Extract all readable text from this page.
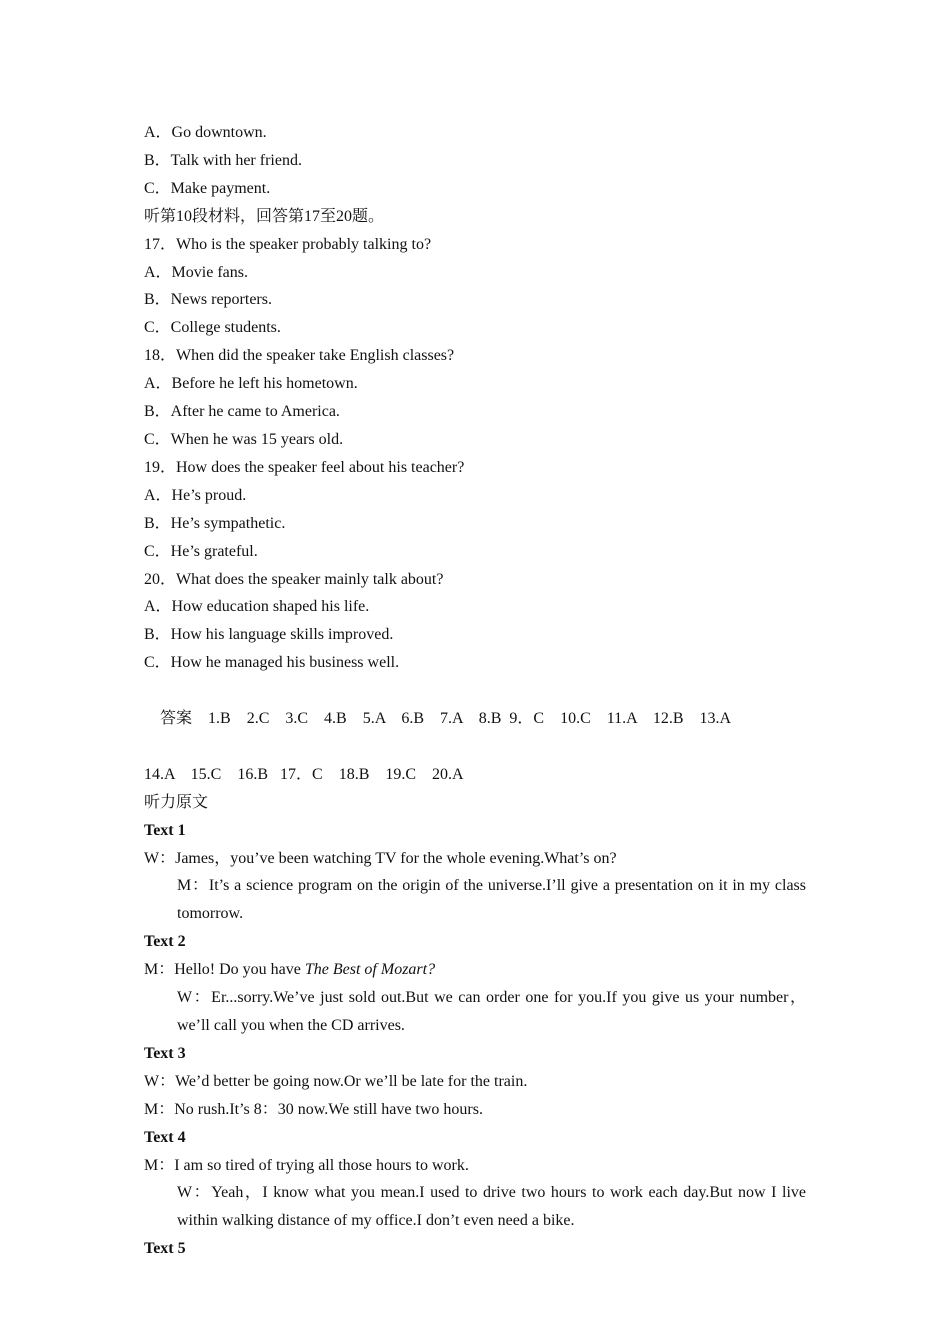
A．Go downtown.
B．Talk with her friend.
C．Make payment.
听第10段材料，回答第17至20题。
17．Who is the speaker probably talking to?
A．Movie fans.
B．News reporters.
C．College students.
18．When did the speaker take English classes?
A．Before he left his hometown.
B．After he came to America.
C．When he was 15 years old.
19．How does the speaker feel about his teacher?
A．He’s proud.
B．He’s sympathetic.
C．He’s grateful.
20．What does the speaker mainly talk about?
A．How education shaped his life.
B．How his language skills improved.
C．How he managed his business well.

答案 1.B    2.C    3.C    4.B    5.A    6.B    7.A    8.B  9．C    10.C    11.A    12.B    13.A

14.A    15.C    16.B   17．C    18.B    19.C    20.A
听力原文
Text 1
W：James，you’ve been watching TV for the whole evening.What’s on?
M：It’s a science program on the origin of the universe.I’ll give a presentation on it in my class tomorrow.
Text 2
M：Hello! Do you have The Best of Mozart?
W：Er...sorry.We’ve just sold out.But we can order one for you.If you give us your number，we’ll call you when the CD arrives.
Text 3
W：We’d better be going now.Or we’ll be late for the train.
M：No rush.It’s 8：30 now.We still have two hours.
Text 4
M：I am so tired of trying all those hours to work.
W：Yeah，I know what you mean.I used to drive two hours to work each day.But now I live within walking distance of my office.I don’t even need a bike.
Text 5
